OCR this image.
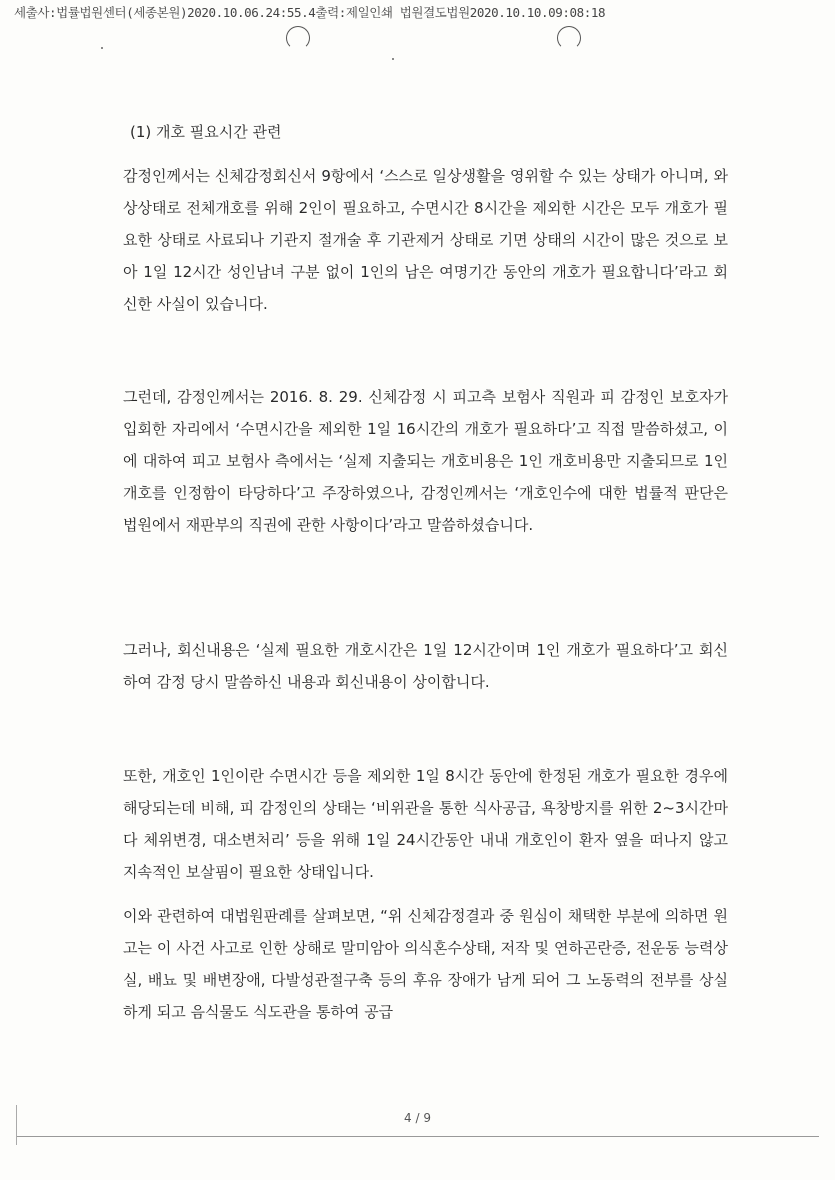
세출사:법률법원센터(세종본원)2020.10.06.24:55.4출력:제일인쇄 법원결도법원2020.10.10.09:08:18
(1) 개호 필요시간 관련

감정인께서는 신체감정회신서 9항에서 ‘스스로 일상생활을 영위할 수 있는 상태가 아니며, 와상상태로 전체개호를 위해 2인이 필요하고, 수면시간 8시간을 제외한 시간은 모두 개호가 필요한 상태로 사료되나 기관지 절개술 후 기관제거 상태로 기면 상태의 시간이 많은 것으로 보아 1일 12시간 성인남녀 구분 없이 1인의 남은 여명기간 동안의 개호가 필요합니다’라고 회신한 사실이 있습니다.

그런데, 감정인께서는 2016. 8. 29. 신체감정 시 피고측 보험사 직원과 피 감정인 보호자가 입회한 자리에서 ‘수면시간을 제외한 1일 16시간의 개호가 필요하다’고 직접 말씀하셨고, 이에 대하여 피고 보험사 측에서는 ‘실제 지출되는 개호비용은 1인 개호비용만 지출되므로 1인 개호를 인정함이 타당하다’고 주장하였으나, 감정인께서는 ‘개호인수에 대한 법률적 판단은 법원에서 재판부의 직권에 관한 사항이다’라고 말씀하셨습니다.

그러나, 회신내용은 ‘실제 필요한 개호시간은 1일 12시간이며 1인 개호가 필요하다’고 회신하여 감정 당시 말씀하신 내용과 회신내용이 상이합니다.

또한, 개호인 1인이란 수면시간 등을 제외한 1일 8시간 동안에 한정된 개호가 필요한 경우에 해당되는데 비해, 피 감정인의 상태는 ‘비위관을 통한 식사공급, 욕창방지를 위한 2~3시간마다 체위변경, 대소변처리’ 등을 위해 1일 24시간동안 내내 개호인이 환자 옆을 떠나지 않고 지속적인 보살핌이 필요한 상태입니다.

이와 관련하여 대법원판례를 살펴보면, “위 신체감정결과 중 원심이 채택한 부분에 의하면 원고는 이 사건 사고로 인한 상해로 말미암아 의식혼수상태, 저작 및 연하곤란증, 전운동 능력상실, 배뇨 및 배변장애, 다발성관절구축 등의 후유 장애가 남게 되어 그 노동력의 전부를 상실하게 되고 음식물도 식도관을 통하여 공급

4 / 9
